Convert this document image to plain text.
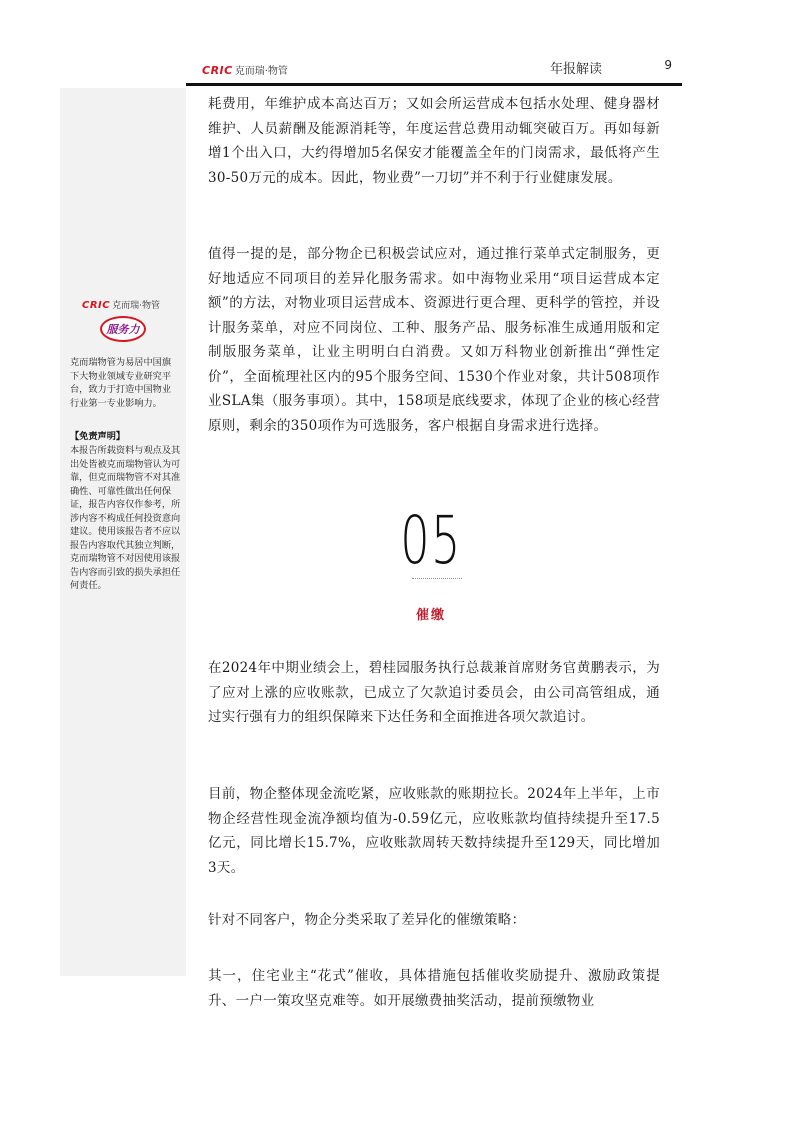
CRIC 克而瑞·物管	年报解读	9
CRIC 克而瑞·物管
服务力
克而瑞物管为易居中国旗下大物业领域专业研究平台，致力于打造中国物业行业第一专业影响力。
【免责声明】
本报告所载资料与观点及其出处皆被克而瑞物管认为可靠，但克而瑞物管不对其准确性、可靠性做出任何保证，报告内容仅作参考，所涉内容不构成任何投资意向建议。使用该报告者不应以报告内容取代其独立判断，克而瑞物管不对因使用该报告内容而引致的损失承担任何责任。
耗费用，年维护成本高达百万；又如会所运营成本包括水处理、健身器材维护、人员薪酬及能源消耗等，年度运营总费用动辄突破百万。再如每新增1个出入口，大约得增加5名保安才能覆盖全年的门岗需求，最低将产生30-50万元的成本。因此，物业费”一刀切”并不利于行业健康发展。
值得一提的是，部分物企已积极尝试应对，通过推行菜单式定制服务，更好地适应不同项目的差异化服务需求。如中海物业采用“项目运营成本定额”的方法，对物业项目运营成本、资源进行更合理、更科学的管控，并设计服务菜单，对应不同岗位、工种、服务产品、服务标准生成通用版和定制版服务菜单，让业主明明白白消费。又如万科物业创新推出“弹性定价”，全面梳理社区内的95个服务空间、1530个作业对象，共计508项作业SLA集（服务事项）。其中，158项是底线要求，体现了企业的核心经营原则，剩余的350项作为可选服务，客户根据自身需求进行选择。
05
催缴
在2024年中期业绩会上，碧桂园服务执行总裁兼首席财务官黄鹏表示，为了应对上涨的应收账款，已成立了欠款追讨委员会，由公司高管组成，通过实行强有力的组织保障来下达任务和全面推进各项欠款追讨。
目前，物企整体现金流吃紧，应收账款的账期拉长。2024年上半年，上市物企经营性现金流净额均值为-0.59亿元，应收账款均值持续提升至17.5亿元，同比增长15.7%，应收账款周转天数持续提升至129天，同比增加3天。
针对不同客户，物企分类采取了差异化的催缴策略：
其一，住宅业主“花式”催收，具体措施包括催收奖励提升、激励政策提升、一户一策攻坚克难等。如开展缴费抽奖活动，提前预缴物业
